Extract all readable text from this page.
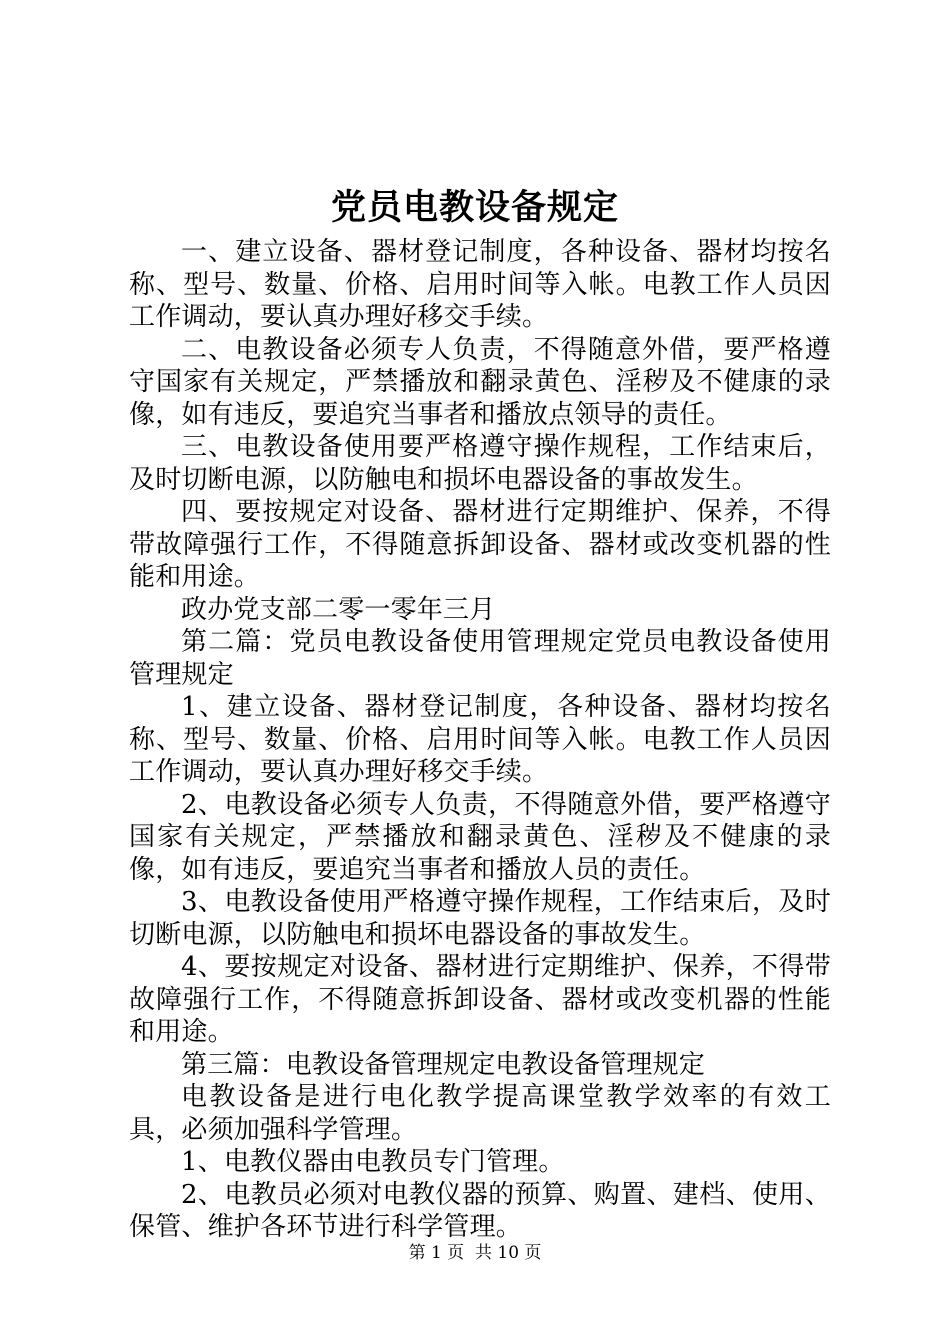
党员电教设备规定

一、建立设备、器材登记制度，各种设备、器材均按名称、型号、数量、价格、启用时间等入帐。电教工作人员因工作调动，要认真办理好移交手续。

二、电教设备必须专人负责，不得随意外借，要严格遵守国家有关规定，严禁播放和翻录黄色、淫秽及不健康的录像，如有违反，要追究当事者和播放点领导的责任。

三、电教设备使用要严格遵守操作规程，工作结束后，及时切断电源，以防触电和损坏电器设备的事故发生。

四、要按规定对设备、器材进行定期维护、保养，不得带故障强行工作，不得随意拆卸设备、器材或改变机器的性能和用途。

政办党支部二零一零年三月

第二篇：党员电教设备使用管理规定党员电教设备使用管理规定

1、建立设备、器材登记制度，各种设备、器材均按名称、型号、数量、价格、启用时间等入帐。电教工作人员因工作调动，要认真办理好移交手续。

2、电教设备必须专人负责，不得随意外借，要严格遵守国家有关规定，严禁播放和翻录黄色、淫秽及不健康的录像，如有违反，要追究当事者和播放人员的责任。

3、电教设备使用严格遵守操作规程，工作结束后，及时切断电源，以防触电和损坏电器设备的事故发生。

4、要按规定对设备、器材进行定期维护、保养，不得带故障强行工作，不得随意拆卸设备、器材或改变机器的性能和用途。

第三篇：电教设备管理规定电教设备管理规定

电教设备是进行电化教学提高课堂教学效率的有效工具，必须加强科学管理。

1、电教仪器由电教员专门管理。

2、电教员必须对电教仪器的预算、购置、建档、使用、保管、维护各环节进行科学管理。

第 1 页  共 10 页
